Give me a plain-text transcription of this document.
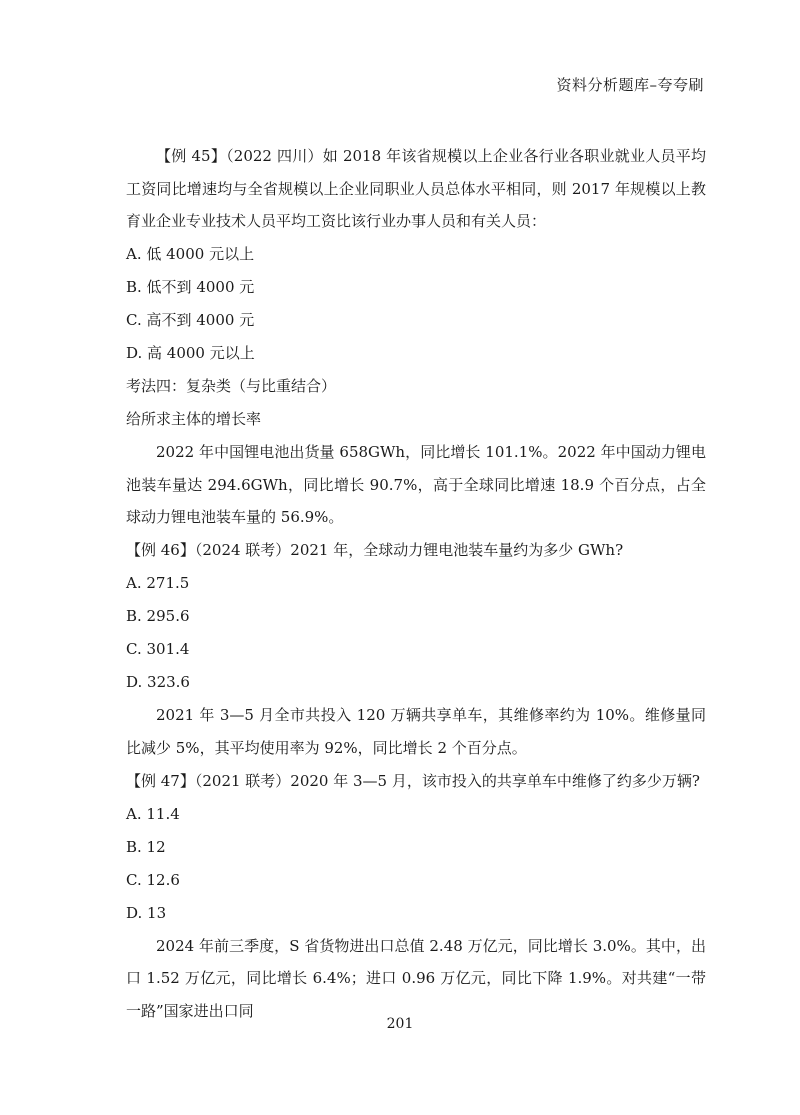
资料分析题库–夸夸刷

【例 45】（2022 四川）如 2018 年该省规模以上企业各行业各职业就业人员平均工资同比增速均与全省规模以上企业同职业人员总体水平相同，则 2017 年规模以上教育业企业专业技术人员平均工资比该行业办事人员和有关人员：

A. 低 4000 元以上

B. 低不到 4000 元

C. 高不到 4000 元

D. 高 4000 元以上

考法四：复杂类（与比重结合）

给所求主体的增长率

2022 年中国锂电池出货量 658GWh，同比增长 101.1%。2022 年中国动力锂电池装车量达 294.6GWh，同比增长 90.7%，高于全球同比增速 18.9 个百分点，占全球动力锂电池装车量的 56.9%。

【例 46】（2024 联考）2021 年，全球动力锂电池装车量约为多少 GWh?

A. 271.5

B. 295.6

C. 301.4

D. 323.6

2021 年 3—5 月全市共投入 120 万辆共享单车，其维修率约为 10%。维修量同比减少 5%，其平均使用率为 92%，同比增长 2 个百分点。

【例 47】（2021 联考）2020 年 3—5 月，该市投入的共享单车中维修了约多少万辆?

A. 11.4

B. 12

C. 12.6

D. 13

2024 年前三季度，S 省货物进出口总值 2.48 万亿元，同比增长 3.0%。其中，出口 1.52 万亿元，同比增长 6.4%；进口 0.96 万亿元，同比下降 1.9%。对共建“一带一路”国家进出口同

201
